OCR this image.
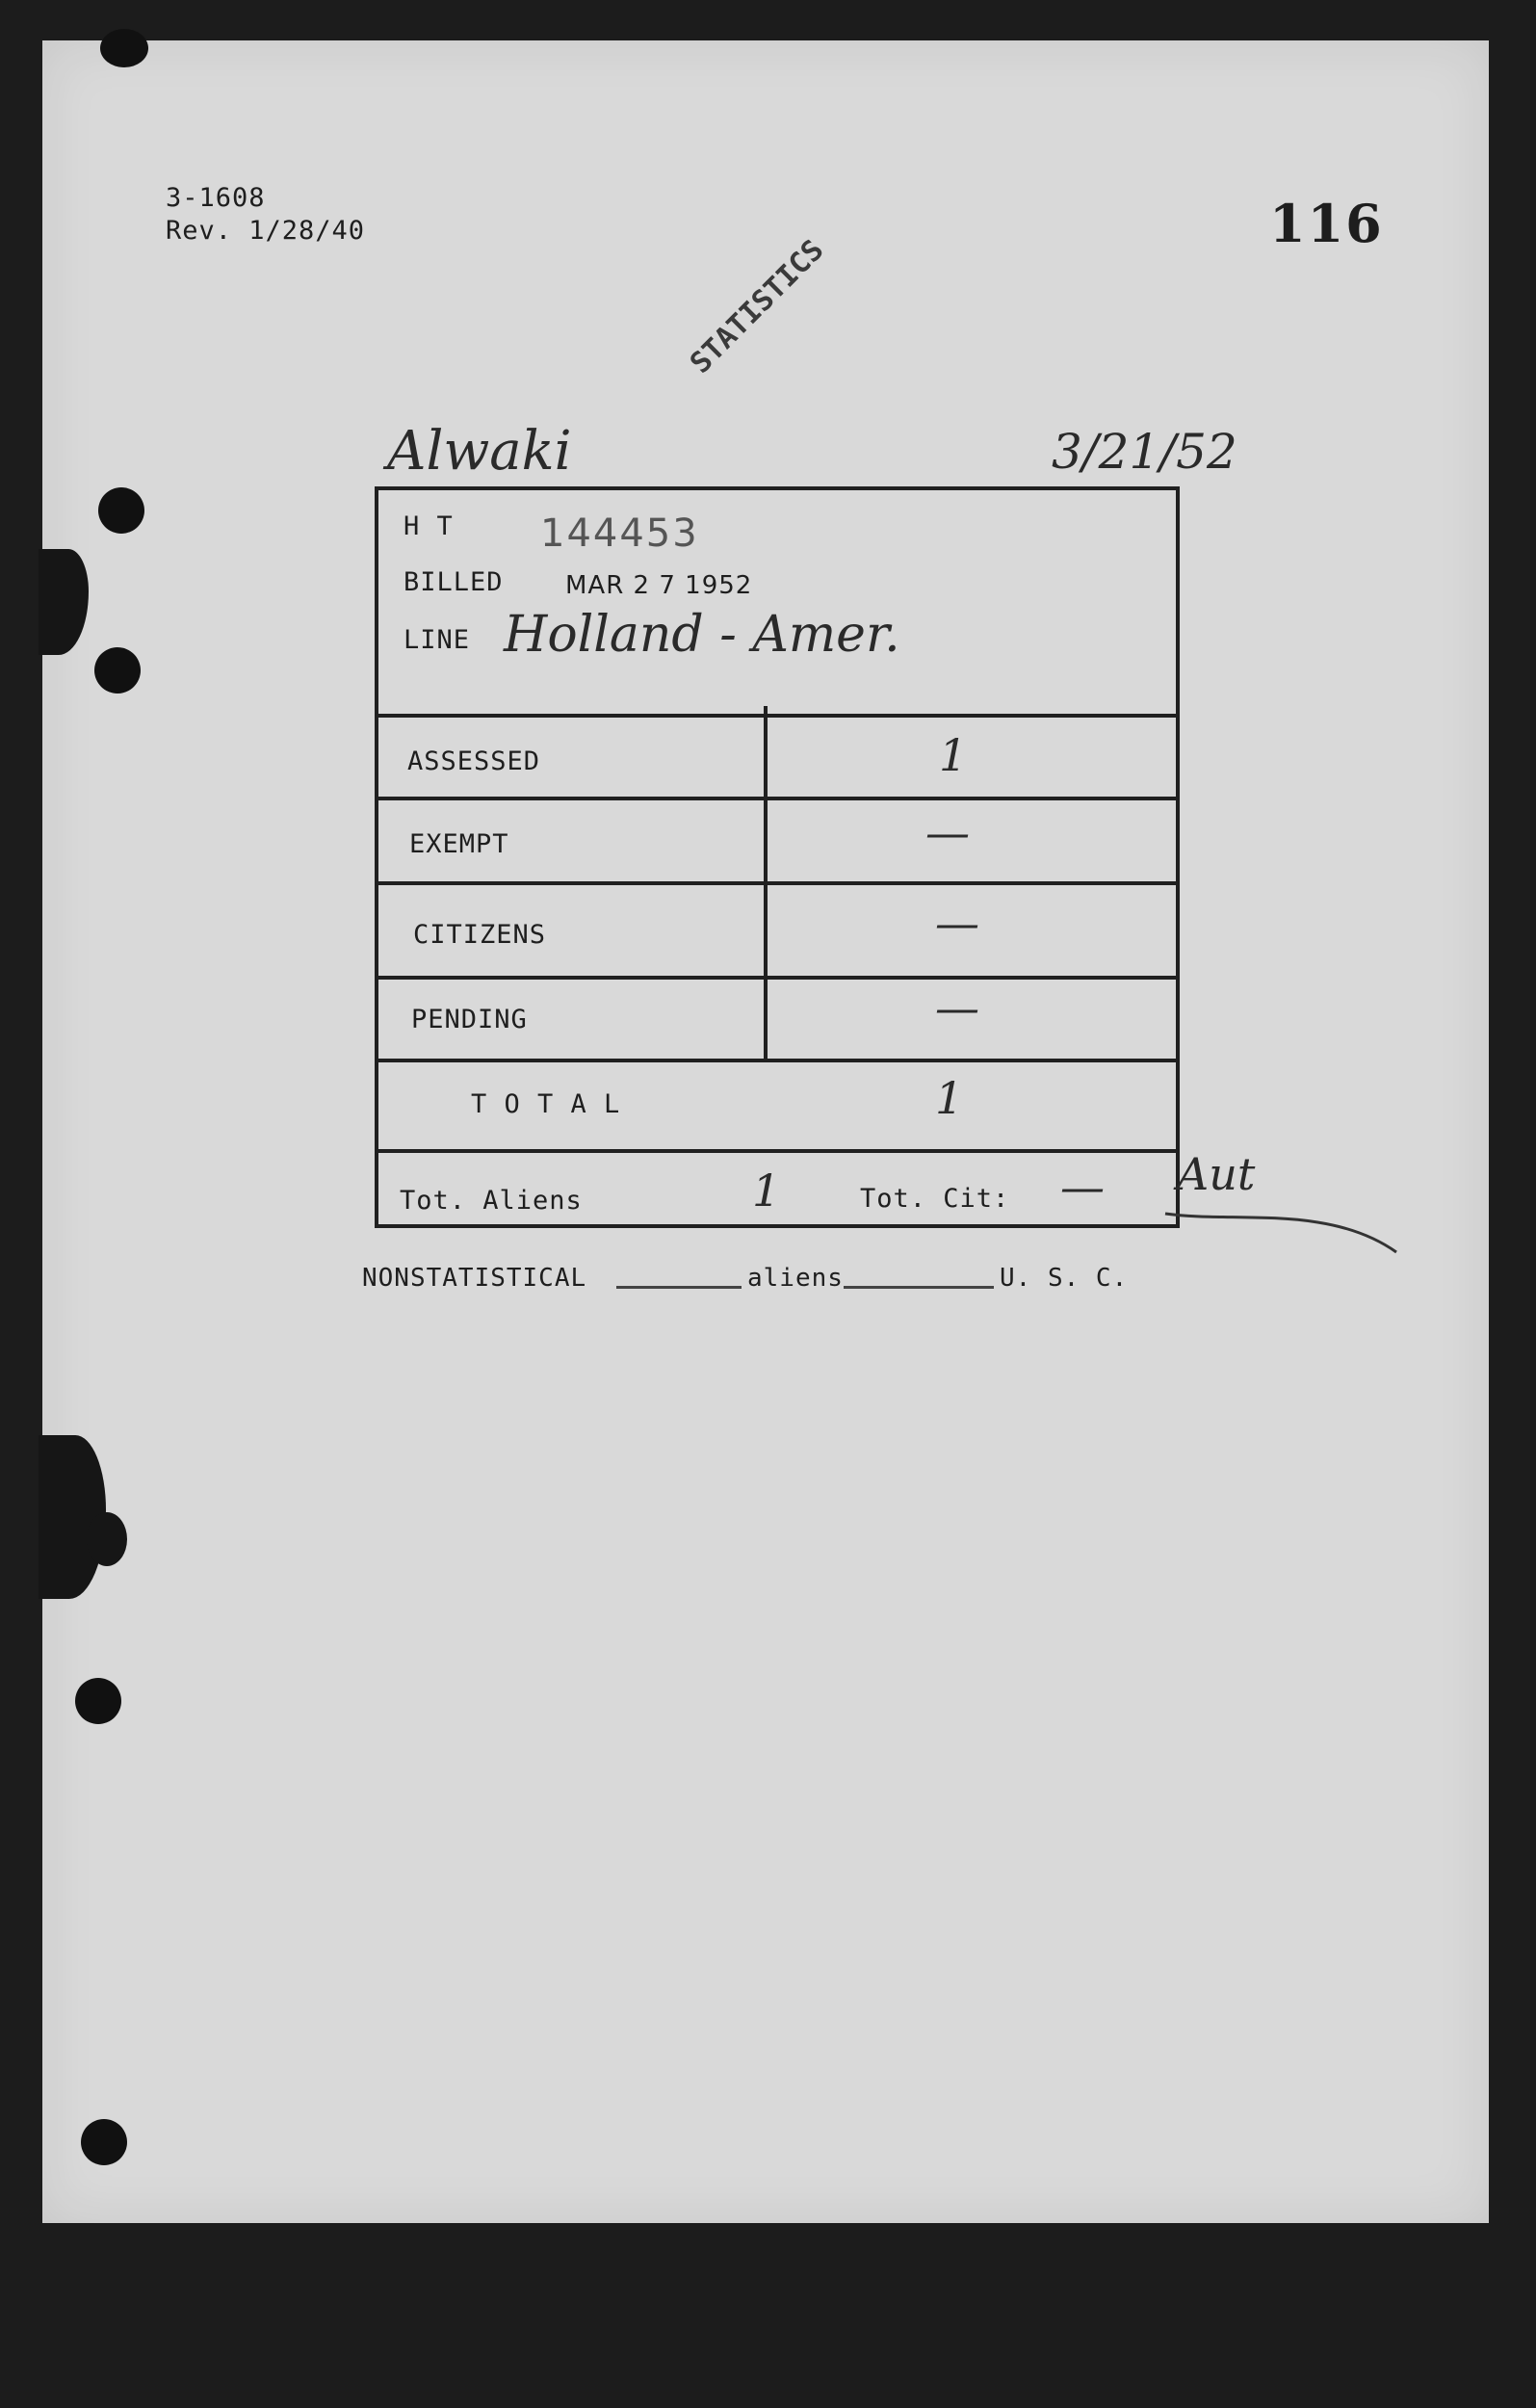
3-1608
Rev. 1/28/40	116
STATISTICS
Alwaki	3/21/52
H T 144453
BILLED MAR 2 7 1952
LINE Holland - Amer.
ASSESSED	1
EXEMPT	—
CITIZENS	—
PENDING	—
T O T A L	1
Tot. Aliens	1	Tot. Cit: — Aut
NONSTATISTICAL	aliens	U. S. C.
